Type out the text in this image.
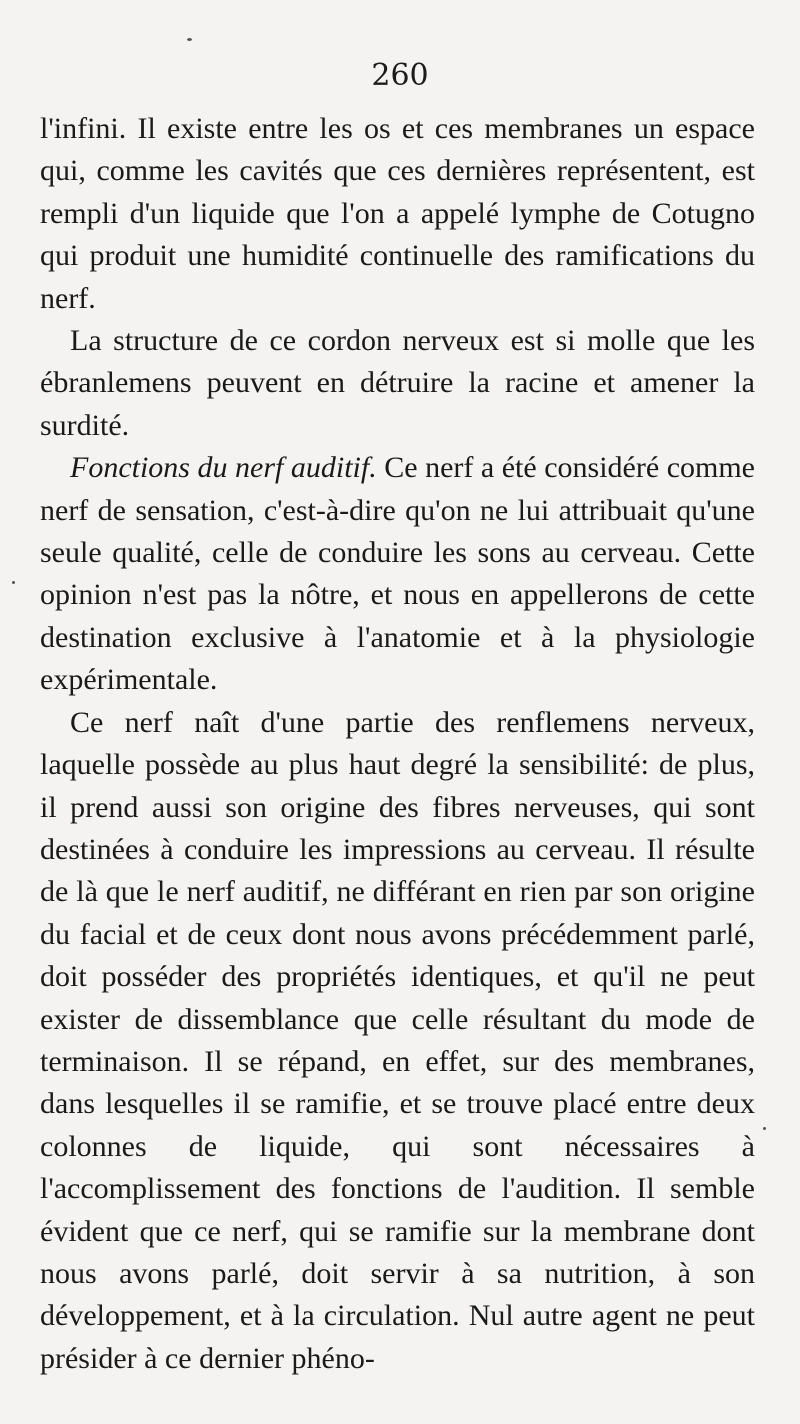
260

l'infini. Il existe entre les os et ces membranes un espace qui, comme les cavités que ces dernières représentent, est rempli d'un liquide que l'on a appelé lymphe de Cotugno qui produit une humidité continuelle des ramifications du nerf.

La structure de ce cordon nerveux est si molle que les ébranlemens peuvent en détruire la racine et amener la surdité.

Fonctions du nerf auditif. Ce nerf a été considéré comme nerf de sensation, c'est-à-dire qu'on ne lui attribuait qu'une seule qualité, celle de conduire les sons au cerveau. Cette opinion n'est pas la nôtre, et nous en appellerons de cette destination exclusive à l'anatomie et à la physiologie expérimentale.

Ce nerf naît d'une partie des renflemens nerveux, laquelle possède au plus haut degré la sensibilité: de plus, il prend aussi son origine des fibres nerveuses, qui sont destinées à conduire les impressions au cerveau. Il résulte de là que le nerf auditif, ne différant en rien par son origine du facial et de ceux dont nous avons précédemment parlé, doit posséder des propriétés identiques, et qu'il ne peut exister de dissemblance que celle résultant du mode de terminaison. Il se répand, en effet, sur des membranes, dans lesquelles il se ramifie, et se trouve placé entre deux colonnes de liquide, qui sont nécessaires à l'accomplissement des fonctions de l'audition. Il semble évident que ce nerf, qui se ramifie sur la membrane dont nous avons parlé, doit servir à sa nutrition, à son développement, et à la circulation. Nul autre agent ne peut présider à ce dernier phéno-
